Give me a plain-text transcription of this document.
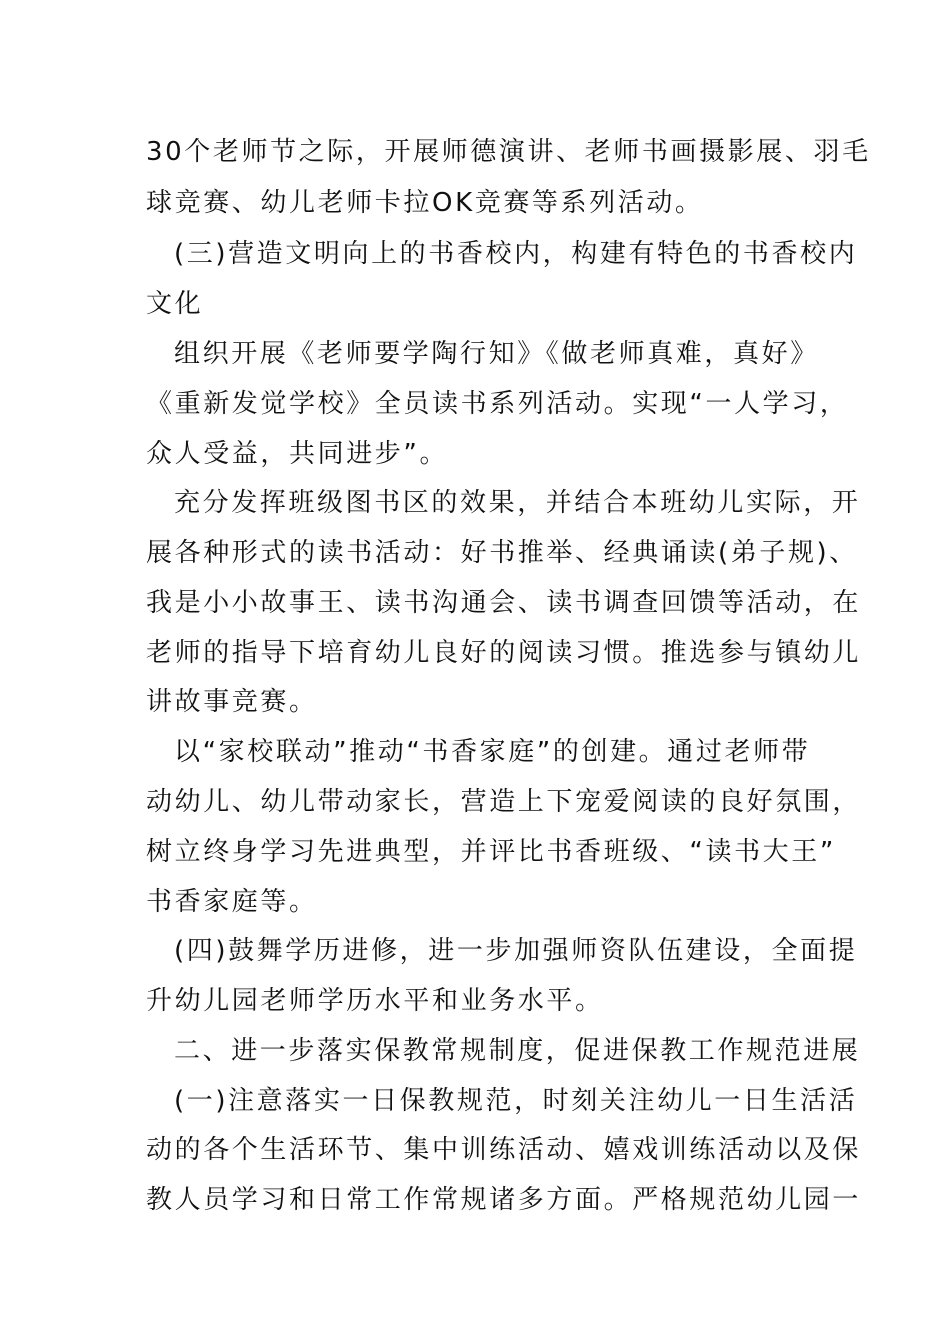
30个老师节之际，开展师德演讲、老师书画摄影展、羽毛
球竞赛、幼儿老师卡拉OK竞赛等系列活动。
(三)营造文明向上的书香校内，构建有特色的书香校内
文化
组织开展《老师要学陶行知》《做老师真难，真好》
《重新发觉学校》全员读书系列活动。实现“一人学习，
众人受益，共同进步”。
充分发挥班级图书区的效果，并结合本班幼儿实际，开
展各种形式的读书活动：好书推举、经典诵读(弟子规)、
我是小小故事王、读书沟通会、读书调查回馈等活动，在
老师的指导下培育幼儿良好的阅读习惯。推选参与镇幼儿
讲故事竞赛。
以“家校联动”推动“书香家庭”的创建。通过老师带
动幼儿、幼儿带动家长，营造上下宠爱阅读的良好氛围，
树立终身学习先进典型，并评比书香班级、“读书大王”
书香家庭等。
(四)鼓舞学历进修，进一步加强师资队伍建设，全面提
升幼儿园老师学历水平和业务水平。
二、进一步落实保教常规制度，促进保教工作规范进展
(一)注意落实一日保教规范，时刻关注幼儿一日生活活
动的各个生活环节、集中训练活动、嬉戏训练活动以及保
教人员学习和日常工作常规诸多方面。严格规范幼儿园一
